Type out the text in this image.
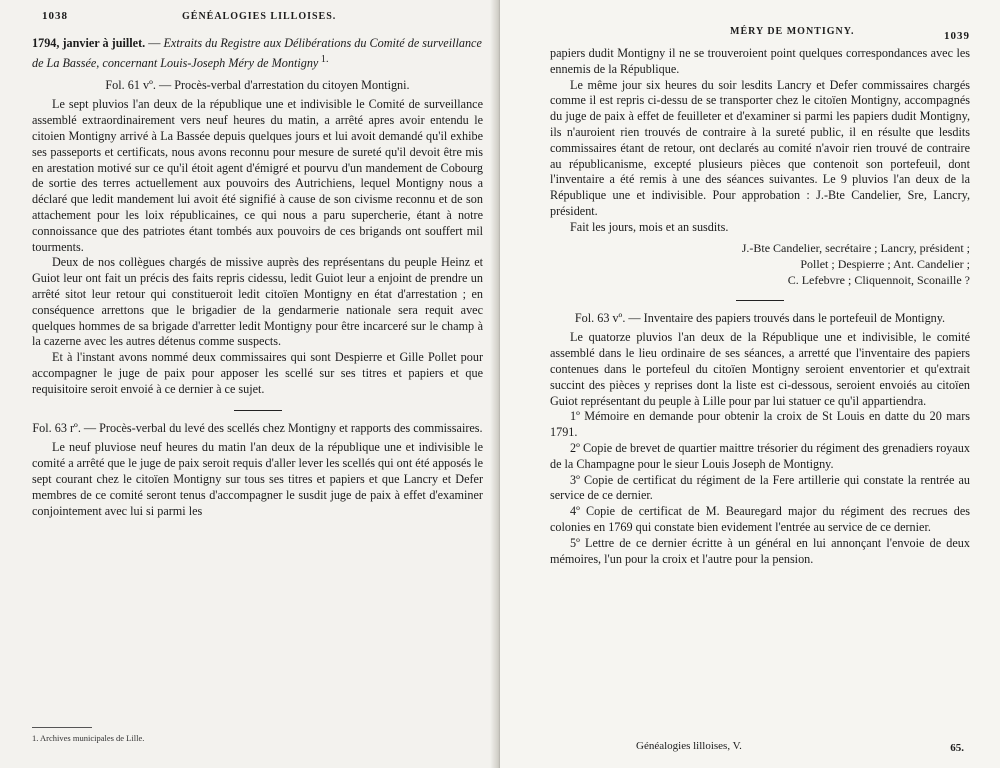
1038	GÉNÉALOGIES LILLOISES.
1794, janvier à juillet. — Extraits du Registre aux Délibérations du Comité de surveillance de La Bassée, concernant Louis-Joseph Méry de Montigny $^{1.}$
Fol. 61 vº. — Procès-verbal d'arrestation du citoyen Montigni.

Le sept pluvios l'an deux de la république une et indivisible le Comité de surveillance assemblé extraordinairement vers neuf heures du matin, a arrêté apres avoir entendu le citoien Montigny arrivé à La Bassée depuis quelques jours et lui avoit demandé qu'il exhibe ses passeports et certificats, nous avons reconnu pour mesure de sureté qu'il devoit être mis en arestation motivé sur ce qu'il étoit agent d'émigré et pourvu d'un mandement de Cobourg de sortie des terres actuellement aux pouvoirs des Autrichiens, lequel Montigny nous a déclaré que ledit mandement lui avoit été signifié à cause de son civisme reconnu et de son attachement pour les loix républicaines, ce qui nous a paru supercherie, étant à notre connoissance que des patriotes étant tombés aux pouvoirs de ces brigands ont souffert mil tourments.

Deux de nos collègues chargés de missive auprès des représentans du peuple Heinz et Guiot leur ont fait un précis des faits repris cidessu, ledit Guiot leur a enjoint de prendre un arrêté sitot leur retour qui constitueroit ledit citoïen Montigny en état d'arrestation ; en conséquence arrettons que le brigadier de la gendarmerie nationale sera requit avec quelques hommes de sa brigade d'arretter ledit Montigny pour être incarceré sur le champ à la cazerne avec les autres détenus comme suspects.

Et à l'instant avons nommé deux commissaires qui sont Despierre et Gille Pollet pour accompagner le juge de paix pour apposer les scellé sur ses titres et papiers et que requisitoire seroit envoié à ce dernier à ce sujet.

Fol. 63 rº. — Procès-verbal du levé des scellés chez Montigny et rapports des commissaires.

Le neuf pluviose neuf heures du matin l'an deux de la république une et indivisible le comité a arrêté que le juge de paix seroit requis d'aller lever les scellés qui ont été apposés le sept courant chez le citoïen Montigny sur tous ses titres et papiers et que Lancry et Defer membres de ce comité seront tenus d'accompagner le susdit juge de paix à effet d'examiner conjointement avec lui si parmi les

1. Archives municipales de Lille.
MÉRY DE MONTIGNY.	1039

papiers dudit Montigny il ne se trouveroient point quelques correspondances avec les ennemis de la République.

Le même jour six heures du soir lesdits Lancry et Defer commissaires chargés comme il est repris ci-dessu de se transporter chez le citoïen Montigny, accompagnés du juge de paix à effet de feuilleter et d'examiner si parmi les papiers dudit Montigny, ils n'auroient rien trouvés de contraire à la sureté public, il en résulte que lesdits commissaires étant de retour, ont declarés au comité n'avoir rien trouvé de contraire au républicanisme, excepté plusieurs pièces que contenoit son portefeuil, dont l'inventaire a été remis à une des séances suivantes. Le 9 pluvios l'an deux de la République une et indivisible. Pour approbation : J.-Bte Candelier, Sre, Lancry, président.

Fait les jours, mois et an susdits.

J.-Bte Candelier, secrétaire ; Lancry, président ;
Pollet ; Despierre ; Ant. Candelier ;
C. Lefebvre ; Cliquennoit, Sconaille ?
Fol. 63 vº. — Inventaire des papiers trouvés dans le portefeuil de Montigny.

Le quatorze pluvios l'an deux de la République une et indivisible, le comité assemblé dans le lieu ordinaire de ses séances, a arretté que l'inventaire des papiers contenues dans le portefeul du citoïen Montigny seroient enventorier et qu'extrait succint des pièces y reprises dont la liste est ci-dessous, seroient envoiés au citoïen Guiot représentant du peuple à Lille pour par lui statuer ce qu'il appartiendra.

1º Mémoire en demande pour obtenir la croix de St Louis en datte du 20 mars 1791.

2º Copie de brevet de quartier maittre trésorier du régiment des grenadiers royaux de la Champagne pour le sieur Louis Joseph de Montigny.

3º Copie de certificat du régiment de la Fere artillerie qui constate la rentrée au service de ce dernier.

4º Copie de certificat de M. Beauregard major du régiment des recrues des colonies en 1769 qui constate bien evidement l'entrée au service de ce dernier.

5º Lettre de ce dernier écritte à un général en lui annonçant l'envoie de deux mémoires, l'un pour la croix et l'autre pour la pension.

Généalogies lilloises, V.	65.
